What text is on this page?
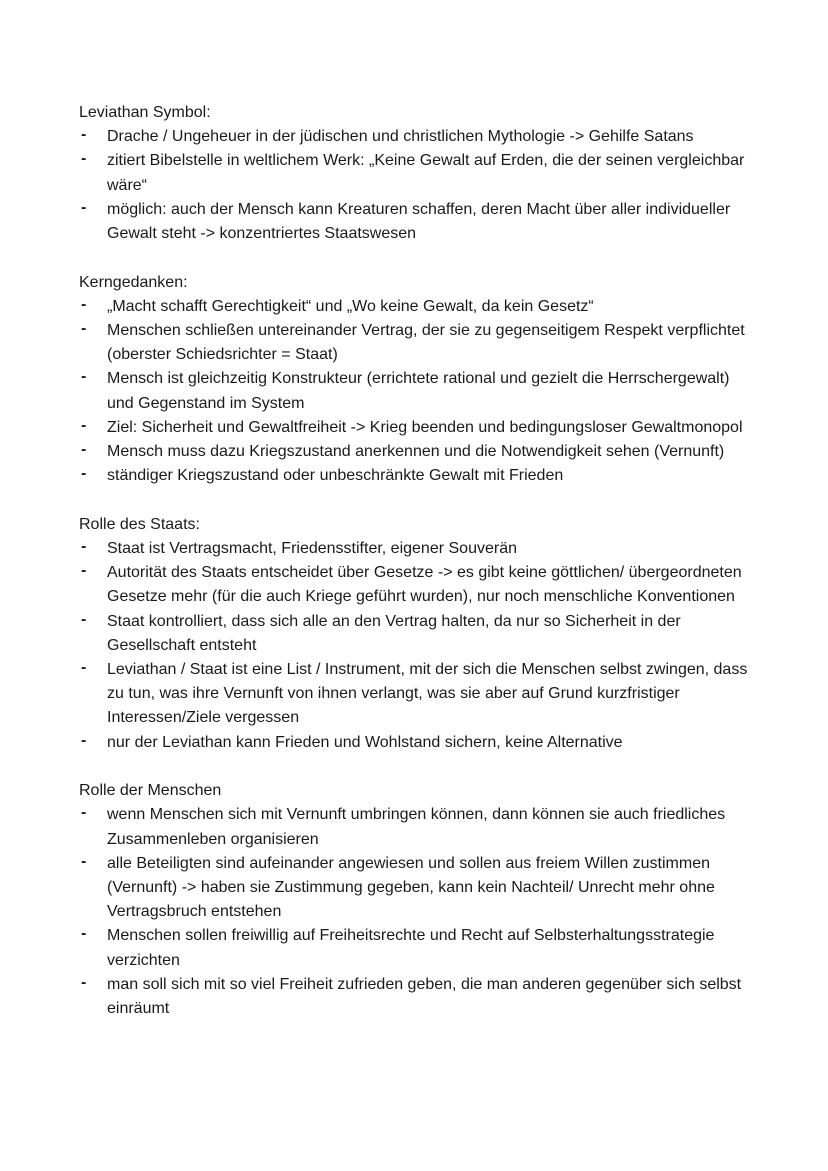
Leviathan Symbol:

- Drache / Ungeheuer in der jüdischen und christlichen Mythologie -> Gehilfe Satans
- zitiert Bibelstelle in weltlichem Werk: „Keine Gewalt auf Erden, die der seinen vergleichbar wäre“
- möglich: auch der Mensch kann Kreaturen schaffen, deren Macht über aller individueller Gewalt steht -> konzentriertes Staatswesen

Kerngedanken:

- „Macht schafft Gerechtigkeit“ und „Wo keine Gewalt, da kein Gesetz“
- Menschen schließen untereinander Vertrag, der sie zu gegenseitigem Respekt verpflichtet (oberster Schiedsrichter = Staat)
- Mensch ist gleichzeitig Konstrukteur (errichtete rational und gezielt die Herrschergewalt) und Gegenstand im System
- Ziel: Sicherheit und Gewaltfreiheit -> Krieg beenden und bedingungsloser Gewaltmonopol
- Mensch muss dazu Kriegszustand anerkennen und die Notwendigkeit sehen (Vernunft)
- ständiger Kriegszustand oder unbeschränkte Gewalt mit Frieden

Rolle des Staats:

- Staat ist Vertragsmacht, Friedensstifter, eigener Souverän
- Autorität des Staats entscheidet über Gesetze -> es gibt keine göttlichen/ übergeordneten Gesetze mehr (für die auch Kriege geführt wurden), nur noch menschliche Konventionen
- Staat kontrolliert, dass sich alle an den Vertrag halten, da nur so Sicherheit in der Gesellschaft entsteht
- Leviathan / Staat ist eine List / Instrument, mit der sich die Menschen selbst zwingen, dass zu tun, was ihre Vernunft von ihnen verlangt, was sie aber auf Grund kurzfristiger Interessen/Ziele vergessen
- nur der Leviathan kann Frieden und Wohlstand sichern, keine Alternative

Rolle der Menschen

- wenn Menschen sich mit Vernunft umbringen können, dann können sie auch friedliches Zusammenleben organisieren
- alle Beteiligten sind aufeinander angewiesen und sollen aus freiem Willen zustimmen (Vernunft) -> haben sie Zustimmung gegeben, kann kein Nachteil/ Unrecht mehr ohne Vertragsbruch entstehen
- Menschen sollen freiwillig auf Freiheitsrechte und Recht auf Selbsterhaltungsstrategie verzichten
- man soll sich mit so viel Freiheit zufrieden geben, die man anderen gegenüber sich selbst einräumt
